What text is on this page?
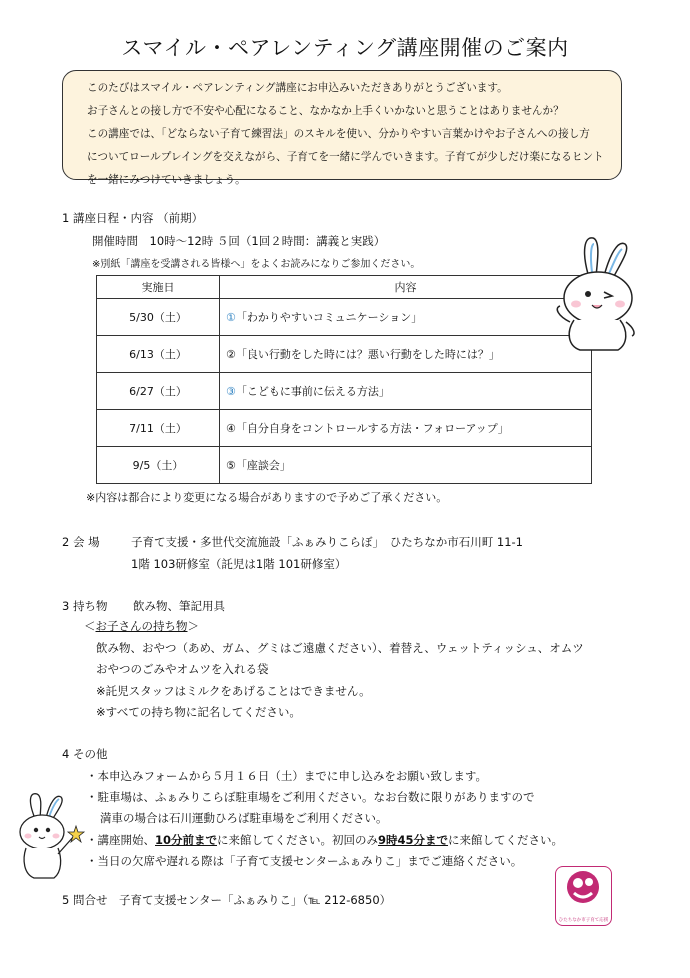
スマイル・ペアレンティング講座開催のご案内
このたびはスマイル・ペアレンティング講座にお申込みいただきありがとうございます。
お子さんとの接し方で不安や心配になること、なかなか上手くいかないと思うことはありませんか？
この講座では、「どならない子育て練習法」のスキルを使い、分かりやすい言葉かけやお子さんへの接し方
についてロールプレイングを交えながら、子育てを一緒に学んでいきます。子育てが少しだけ楽になるヒント
を一緒にみつけていきましょう。
1 講座日程・内容 （前期）
開催時間　10時～12時 ５回（1回２時間：講義と実践）
※別紙「講座を受講される皆様へ」をよくお読みになりご参加ください。
実施日	内容
5/30（土）	①「わかりやすいコミュニケーション」
6/13（土）	②「良い行動をした時には？悪い行動をした時には？」
6/27（土）	③「こどもに事前に伝える方法」
7/11（土）	④「自分自身をコントロールする方法・フォローアップ」
9/5（土）	⑤「座談会」
※内容は都合により変更になる場合がありますので予めご了承ください。
2 会 場	子育て支援・多世代交流施設「ふぁみりこらぼ」　ひたちなか市石川町 11-1
1階 103研修室（託児は1階 101研修室）
3 持ち物 飲み物、筆記用具
＜お子さんの持ち物＞
飲み物、おやつ（あめ、ガム、グミはご遠慮ください）、着替え、ウェットティッシュ、オムツ
おやつのごみやオムツを入れる袋
※託児スタッフはミルクをあげることはできません。
※すべての持ち物に記名してください。
4 その他
・本申込みフォームから５月１６日（土）までに申し込みをお願い致します。
・駐車場は、ふぁみりこらぼ駐車場をご利用ください。なお台数に限りがありますので
満車の場合は石川運動ひろば駐車場をご利用ください。
・講座開始、10分前までに来館してください。初回のみ9時45分までに来館してください。
・当日の欠席や遅れる際は「子育て支援センターふぁみりこ」までご連絡ください。
5 問合せ　子育て支援センター「ふぁみりこ」（℡ 212-6850）
ひたちなか市子育て応援
